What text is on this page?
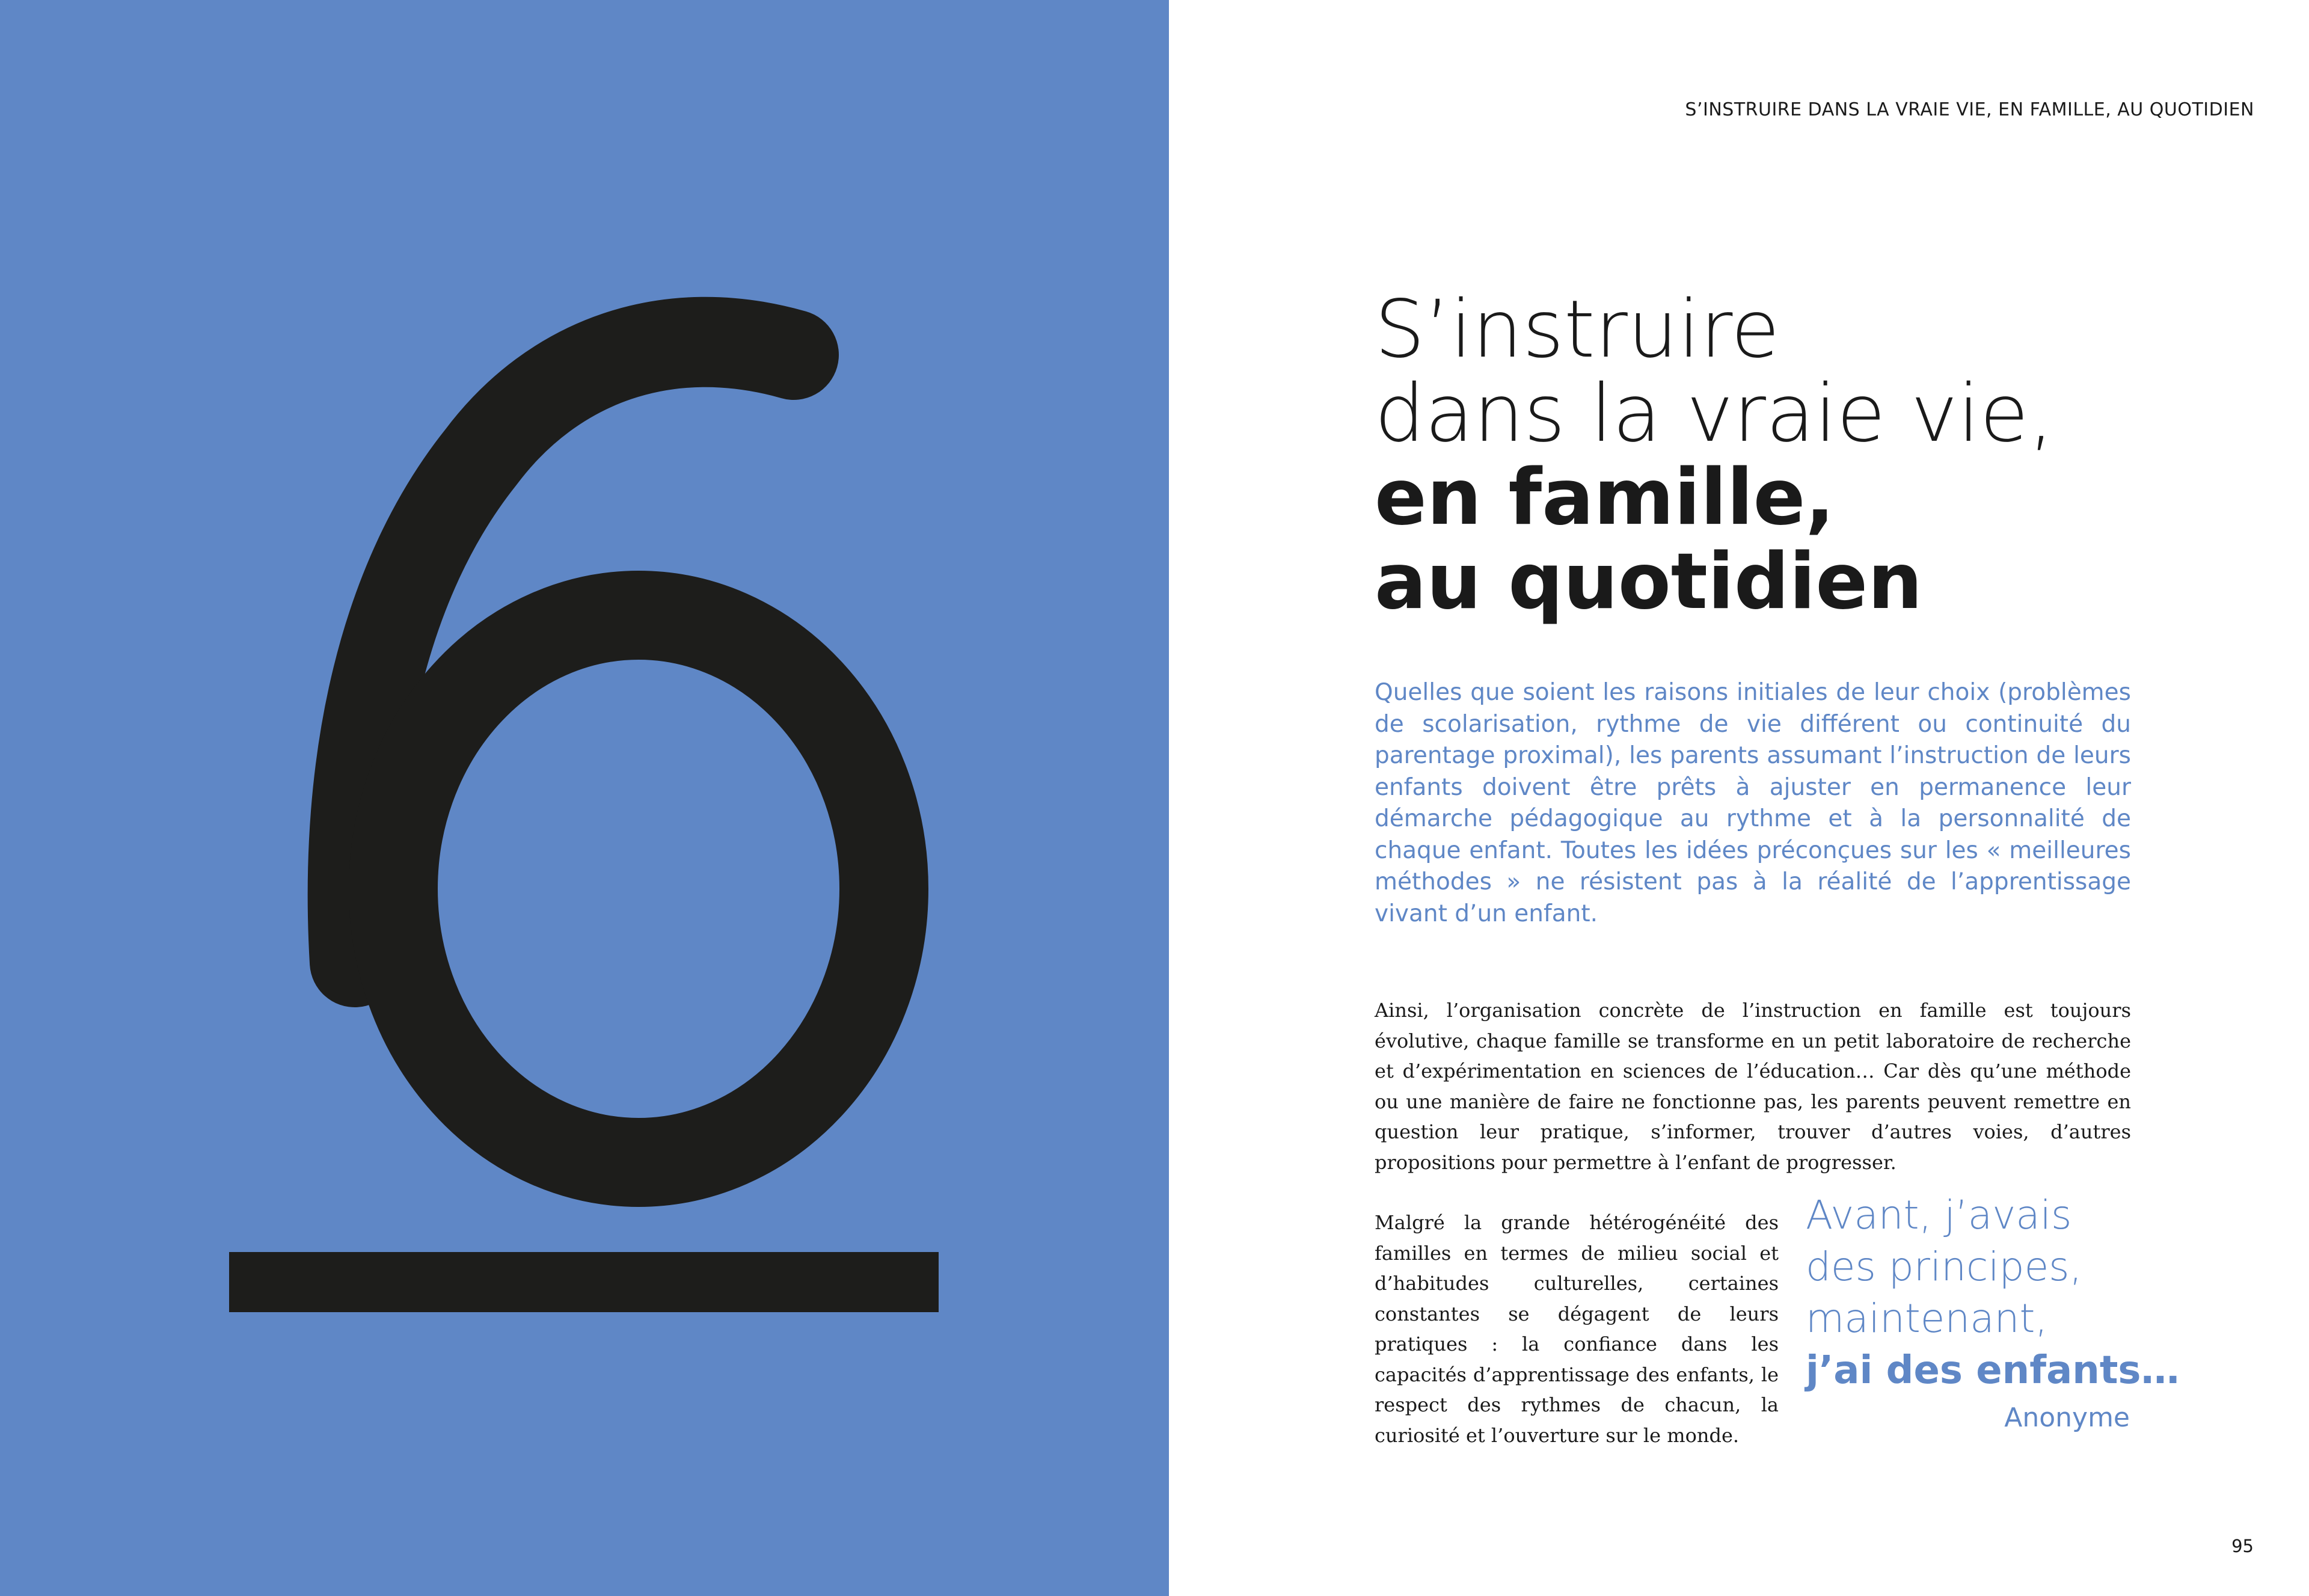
S’INSTRUIRE DANS LA VRAIE VIE, EN FAMILLE, AU QUOTIDIEN
S’instruire
dans la vraie vie,
en famille,
au quotidien

Quelles que soient les raisons initiales de leur choix (problèmes de scolarisation, rythme de vie différent ou continuité du parentage proximal), les parents assumant l’instruction de leurs enfants doivent être prêts à ajuster en permanence leur démarche pédagogique au rythme et à la personnalité de chaque enfant. Toutes les idées préconçues sur les « meilleures méthodes » ne résistent pas à la réalité de l’apprentissage vivant d’un enfant.

Ainsi, l’organisation concrète de l’instruction en famille est toujours évolutive, chaque famille se transforme en un petit laboratoire de recherche et d’expérimentation en sciences de l’éducation… Car dès qu’une méthode ou une manière de faire ne fonctionne pas, les parents peuvent remettre en question leur pratique, s’informer, trouver d’autres voies, d’autres propositions pour permettre à l’enfant de progresser.

Malgré la grande hétérogénéité des familles en termes de milieu social et d’habitudes culturelles, certaines constantes se dégagent de leurs pratiques : la confiance dans les capacités d’apprentissage des enfants, le respect des rythmes de chacun, la curiosité et l’ouverture sur le monde.

Avant, j’avais
des principes,
maintenant,
j’ai des enfants…
Anonyme
95
